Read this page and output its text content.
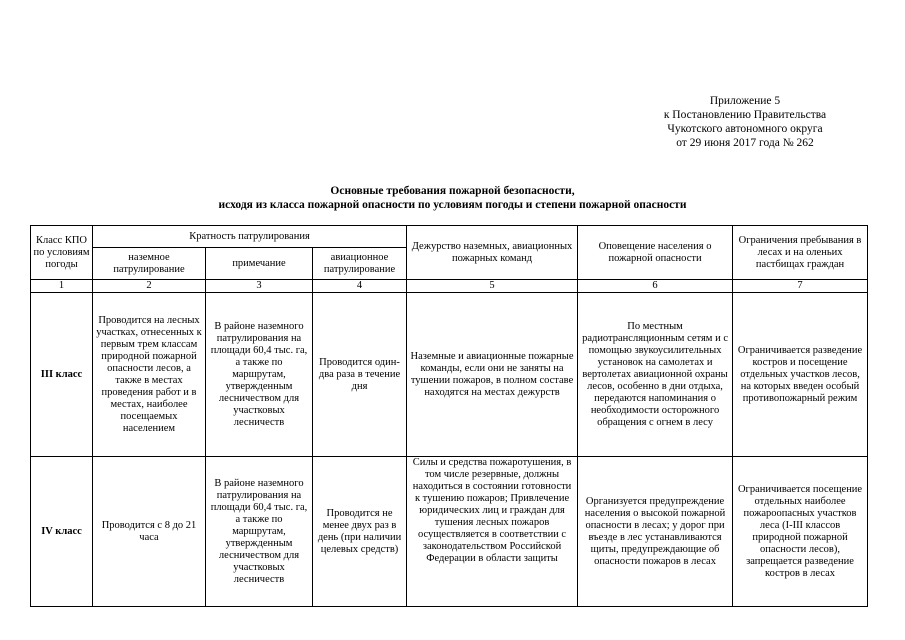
Приложение 5
к Постановлению Правительства
Чукотского автономного округа
от 29 июня 2017 года № 262
Основные требования пожарной безопасности,
исходя из класса пожарной опасности по условиям погоды и степени пожарной опасности
Класс КПО по условиям погоды	Кратность патрулирования			Дежурство наземных, авиационных пожарных команд	Оповещение населения о пожарной опасности	Ограничения пребывания в лесах и на оленьих пастбищах граждан
	наземное патрулирование	примечание	авиационное патрулирование			
1	2	3	4	5	6	7
III класс	Проводится на лесных участках, отнесенных к первым трем классам природной пожарной опасности лесов, а также в местах проведения работ и в местах, наиболее посещаемых населением	В районе наземного патрулирования на площади 60,4 тыс. га, а также по маршрутам, утвержденным лесничеством для участковых лесничеств	Проводится один-два раза в течение дня	Наземные и авиационные пожарные команды, если они не заняты на тушении пожаров, в полном составе находятся на местах дежурств	По местным радиотрансляционным сетям и с помощью звукоусилительных установок на самолетах и вертолетах авиационной охраны лесов, особенно в дни отдыха, передаются напоминания о необходимости осторожного обращения с огнем в лесу	Ограничивается разведение костров и посещение отдельных участков лесов, на которых введен особый противопожарный режим
IV класс	Проводится с 8 до 21 часа	В районе наземного патрулирования на площади 60,4 тыс. га, а также по маршрутам, утвержденным лесничеством для участковых лесничеств	Проводится не менее двух раз в день (при наличии целевых средств)	Силы и средства пожаротушения, в том числе резервные, должны находиться в состоянии готовности к тушению пожаров; Привлечение юридических лиц и граждан для тушения лесных пожаров осуществляется в соответствии с законодательством Российской Федерации в области защиты	Организуется предупреждение населения о высокой пожарной опасности в лесах; у дорог при въезде в лес устанавливаются щиты, предупреждающие об опасности пожаров в лесах	Ограничивается посещение отдельных наиболее пожароопасных участков леса (I-III классов природной пожарной опасности лесов), запрещается разведение костров в лесах
